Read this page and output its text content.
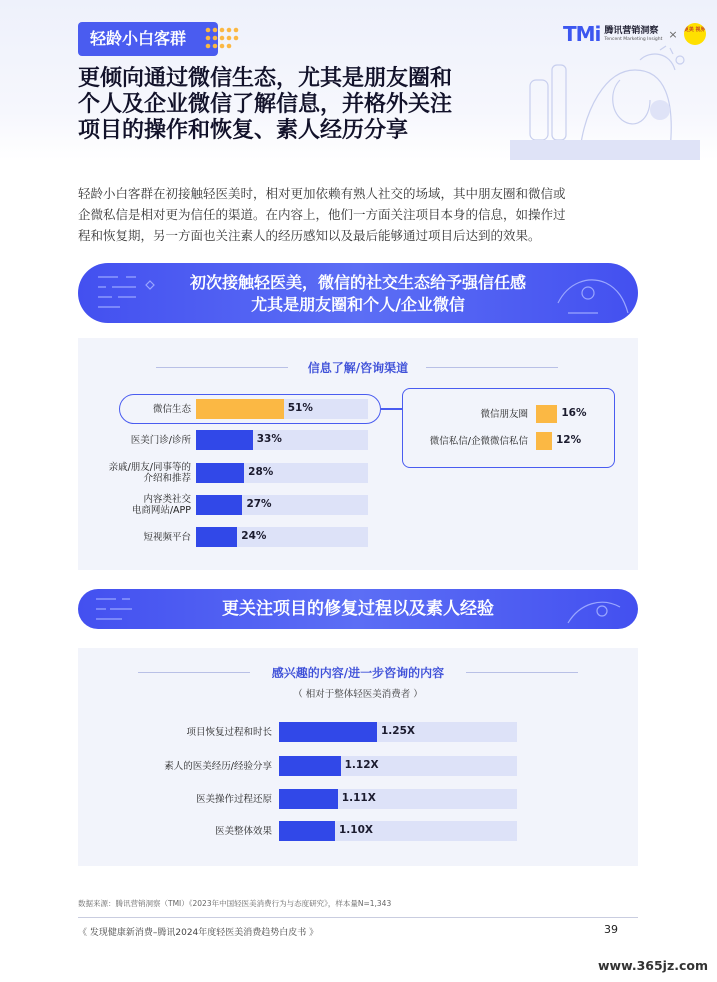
轻龄小白客群	TMi 腾讯营销洞察
Tencent Marketing Insight × 更美 视界
更倾向通过微信生态，尤其是朋友圈和
个人及企业微信了解信息，并格外关注
项目的操作和恢复、素人经历分享
轻龄小白客群在初接触轻医美时，相对更加依赖有熟人社交的场域，其中朋友圈和微信或
企微私信是相对更为信任的渠道。在内容上，他们一方面关注项目本身的信息，如操作过
程和恢复期，另一方面也关注素人的经历感知以及最后能够通过项目后达到的效果。
初次接触轻医美，微信的社交生态给予强信任感
尤其是朋友圈和个人/企业微信
信息了解/咨询渠道
更关注项目的修复过程以及素人经验
感兴趣的内容/进一步咨询的内容
（ 相对于整体轻医美消费者 ）
数据来源：腾讯营销洞察（TMI）《2023年中国轻医美消费行为与态度研究》，样本量N=1,343
《 发现健康新消费–腾讯2024年度轻医美消费趋势白皮书 》	39
www.365jz.com
微信生态	51%
医美门诊/诊所	33%
亲戚/朋友/同事等的
介绍和推荐
28%
内容类社交
电商网站/APP
27%
短视频平台	24%
微信朋友圈	16%
微信私信/企微微信私信	12%
项目恢复过程和时长	1.25X
素人的医美经历/经验分享	1.12X
医美操作过程还原	1.11X
医美整体效果	1.10X
